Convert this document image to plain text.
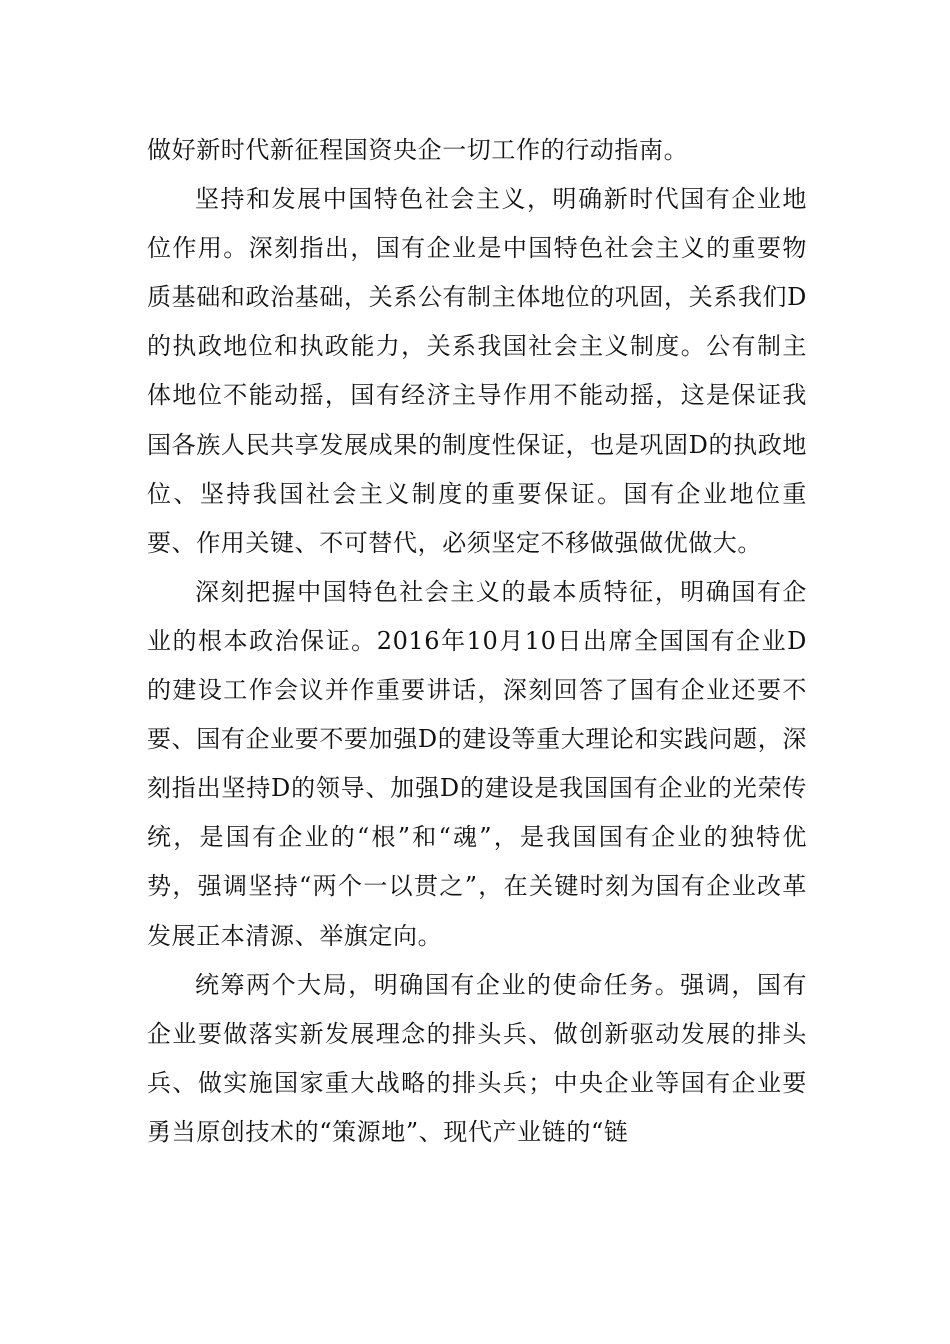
做好新时代新征程国资央企一切工作的行动指南。

坚持和发展中国特色社会主义，明确新时代国有企业地位作用。深刻指出，国有企业是中国特色社会主义的重要物质基础和政治基础，关系公有制主体地位的巩固，关系我们D的执政地位和执政能力，关系我国社会主义制度。公有制主体地位不能动摇，国有经济主导作用不能动摇，这是保证我国各族人民共享发展成果的制度性保证，也是巩固D的执政地位、坚持我国社会主义制度的重要保证。国有企业地位重要、作用关键、不可替代，必须坚定不移做强做优做大。

深刻把握中国特色社会主义的最本质特征，明确国有企业的根本政治保证。2016年10月10日出席全国国有企业D的建设工作会议并作重要讲话，深刻回答了国有企业还要不要、国有企业要不要加强D的建设等重大理论和实践问题，深刻指出坚持D的领导、加强D的建设是我国国有企业的光荣传统，是国有企业的“根”和“魂”，是我国国有企业的独特优势，强调坚持“两个一以贯之”，在关键时刻为国有企业改革发展正本清源、举旗定向。

统筹两个大局，明确国有企业的使命任务。强调，国有企业要做落实新发展理念的排头兵、做创新驱动发展的排头兵、做实施国家重大战略的排头兵；中央企业等国有企业要勇当原创技术的“策源地”、现代产业链的“链
